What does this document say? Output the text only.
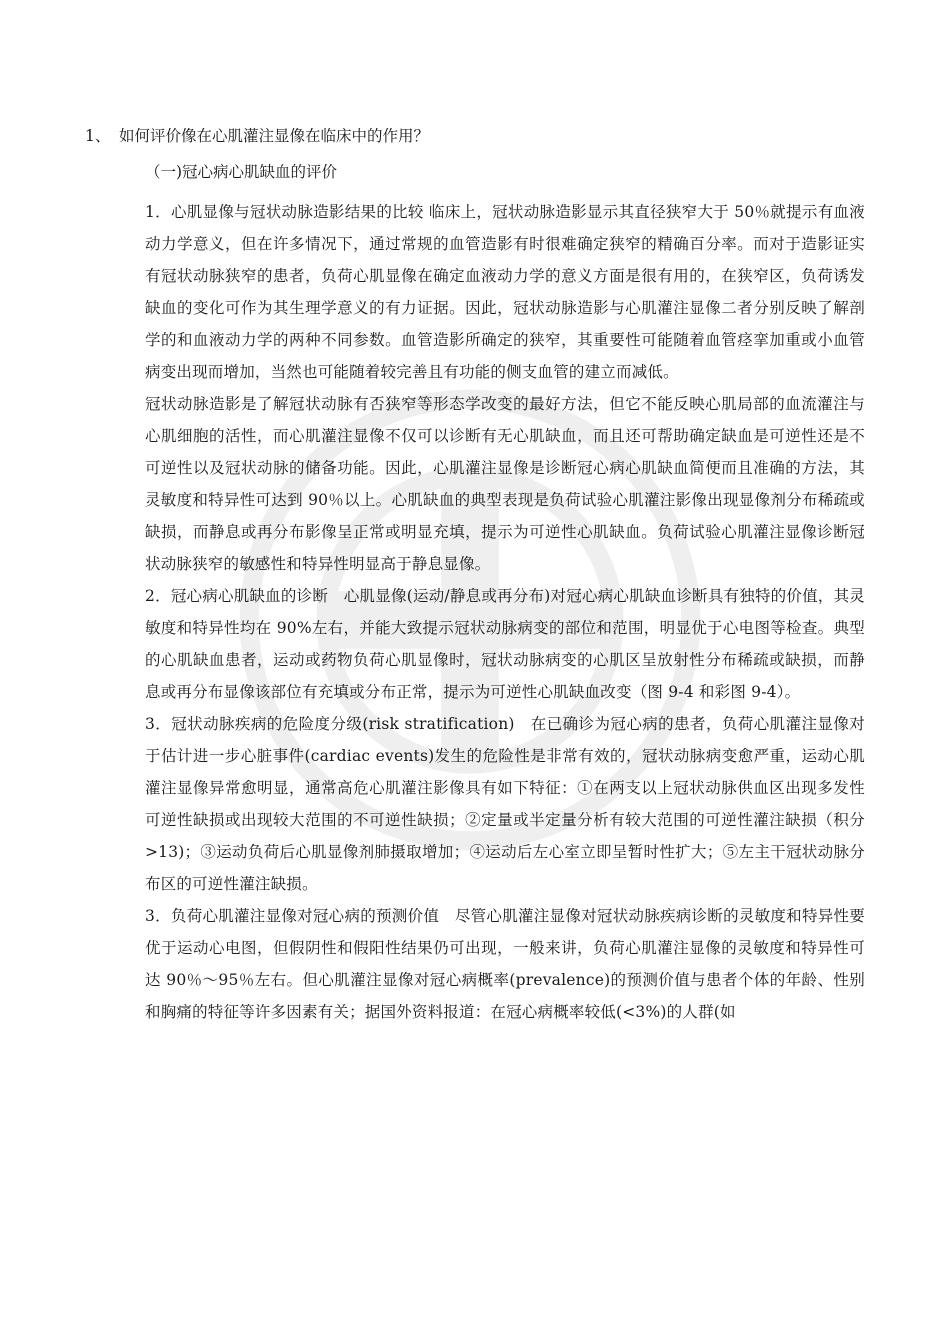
1、 如何评价像在心肌灌注显像在临床中的作用？
（一)冠心病心肌缺血的评价

1．心肌显像与冠状动脉造影结果的比较 临床上，冠状动脉造影显示其直径狭窄大于 50％就提示有血液动力学意义，但在许多情况下，通过常规的血管造影有时很难确定狭窄的精确百分率。而对于造影证实有冠状动脉狭窄的患者，负荷心肌显像在确定血液动力学的意义方面是很有用的，在狭窄区，负荷诱发缺血的变化可作为其生理学意义的有力证据。因此，冠状动脉造影与心肌灌注显像二者分别反映了解剖学的和血液动力学的两种不同参数。血管造影所确定的狭窄，其重要性可能随着血管痉挛加重或小血管病变出现而增加，当然也可能随着较完善且有功能的侧支血管的建立而减低。

冠状动脉造影是了解冠状动脉有否狭窄等形态学改变的最好方法，但它不能反映心肌局部的血流灌注与心肌细胞的活性，而心肌灌注显像不仅可以诊断有无心肌缺血，而且还可帮助确定缺血是可逆性还是不可逆性以及冠状动脉的储备功能。因此，心肌灌注显像是诊断冠心病心肌缺血简便而且准确的方法，其灵敏度和特异性可达到 90％以上。心肌缺血的典型表现是负荷试验心肌灌注影像出现显像剂分布稀疏或缺损，而静息或再分布影像呈正常或明显充填，提示为可逆性心肌缺血。负荷试验心肌灌注显像诊断冠状动脉狭窄的敏感性和特异性明显高于静息显像。

2．冠心病心肌缺血的诊断　心肌显像(运动/静息或再分布)对冠心病心肌缺血诊断具有独特的价值，其灵敏度和特异性均在 90%左右，并能大致提示冠状动脉病变的部位和范围，明显优于心电图等检查。典型的心肌缺血患者，运动或药物负荷心肌显像时，冠状动脉病变的心肌区呈放射性分布稀疏或缺损，而静息或再分布显像该部位有充填或分布正常，提示为可逆性心肌缺血改变（图 9-4 和彩图 9-4）。

3．冠状动脉疾病的危险度分级(risk stratification)　在已确诊为冠心病的患者，负荷心肌灌注显像对于估计进一步心脏事件(cardiac events)发生的危险性是非常有效的，冠状动脉病变愈严重，运动心肌灌注显像异常愈明显，通常高危心肌灌注影像具有如下特征：①在两支以上冠状动脉供血区出现多发性可逆性缺损或出现较大范围的不可逆性缺损；②定量或半定量分析有较大范围的可逆性灌注缺损（积分>13)；③运动负荷后心肌显像剂肺摄取增加；④运动后左心室立即呈暂时性扩大；⑤左主干冠状动脉分布区的可逆性灌注缺损。

3．负荷心肌灌注显像对冠心病的预测价值　尽管心肌灌注显像对冠状动脉疾病诊断的灵敏度和特异性要优于运动心电图，但假阴性和假阳性结果仍可出现，一般来讲，负荷心肌灌注显像的灵敏度和特异性可达 90％～95％左右。但心肌灌注显像对冠心病概率(prevalence)的预测价值与患者个体的年龄、性别和胸痛的特征等许多因素有关；据国外资料报道：在冠心病概率较低(<3%)的人群(如
